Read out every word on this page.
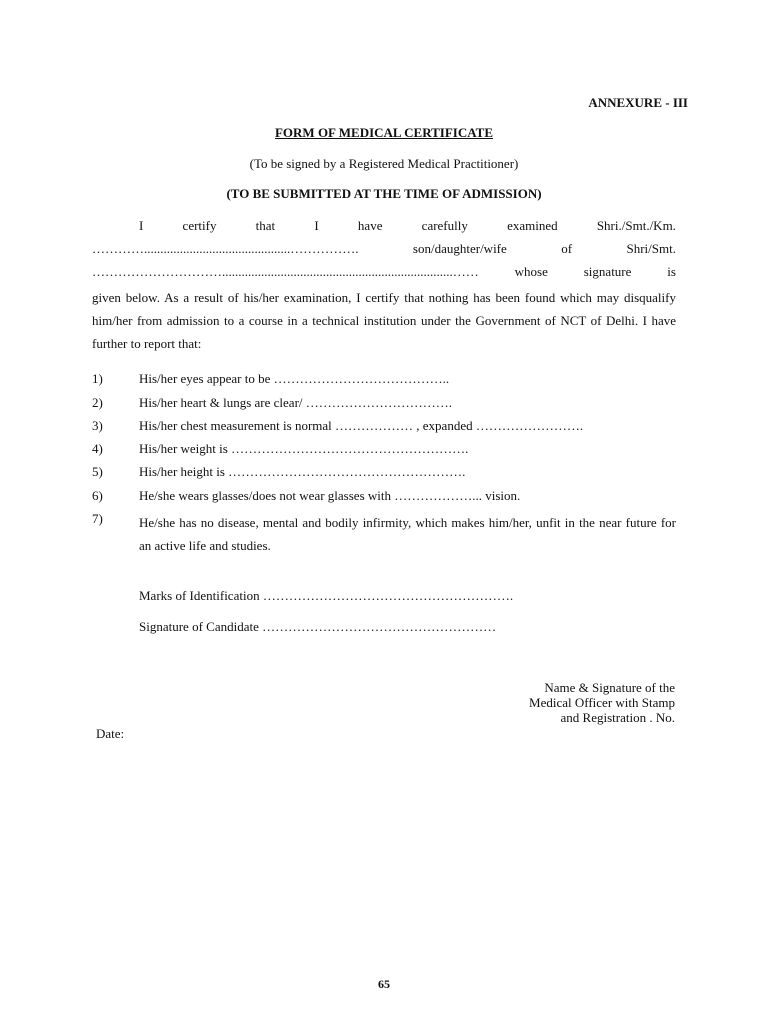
ANNEXURE - III
FORM OF MEDICAL CERTIFICATE
(To be signed by a Registered Medical Practitioner)
(TO BE SUBMITTED AT THE TIME OF ADMISSION)
I	certify	that	I	have	carefully	examined	Shri./Smt./Km.
………….............................................…………….	son/daughter/wife	of	Shri/Smt.
………………………….......................................................................……	whose	signature	is
given below. As a result of his/her examination, I certify that nothing has been found which may disqualify him/her from admission to a course in a technical institution under the Government of NCT of Delhi. I have further to report that:
1)	His/her eyes appear to be …………………………………..
2)	His/her heart & lungs are clear/ …………………………….
3)	His/her chest measurement is normal ……………… , expanded …………………….
4)	His/her weight is ……………………………………………….
5)	His/her height is ……………………………………………….
6)	He/she wears glasses/does not wear glasses with ………………... vision.
7)	He/she has no disease, mental and bodily infirmity, which makes him/her, unfit in the near future for an active life and studies.
Marks of Identification ………………………………………………….
Signature of Candidate ………………………………………………
Name & Signature of the
Medical Officer with Stamp
and Registration . No.
Date:
65
